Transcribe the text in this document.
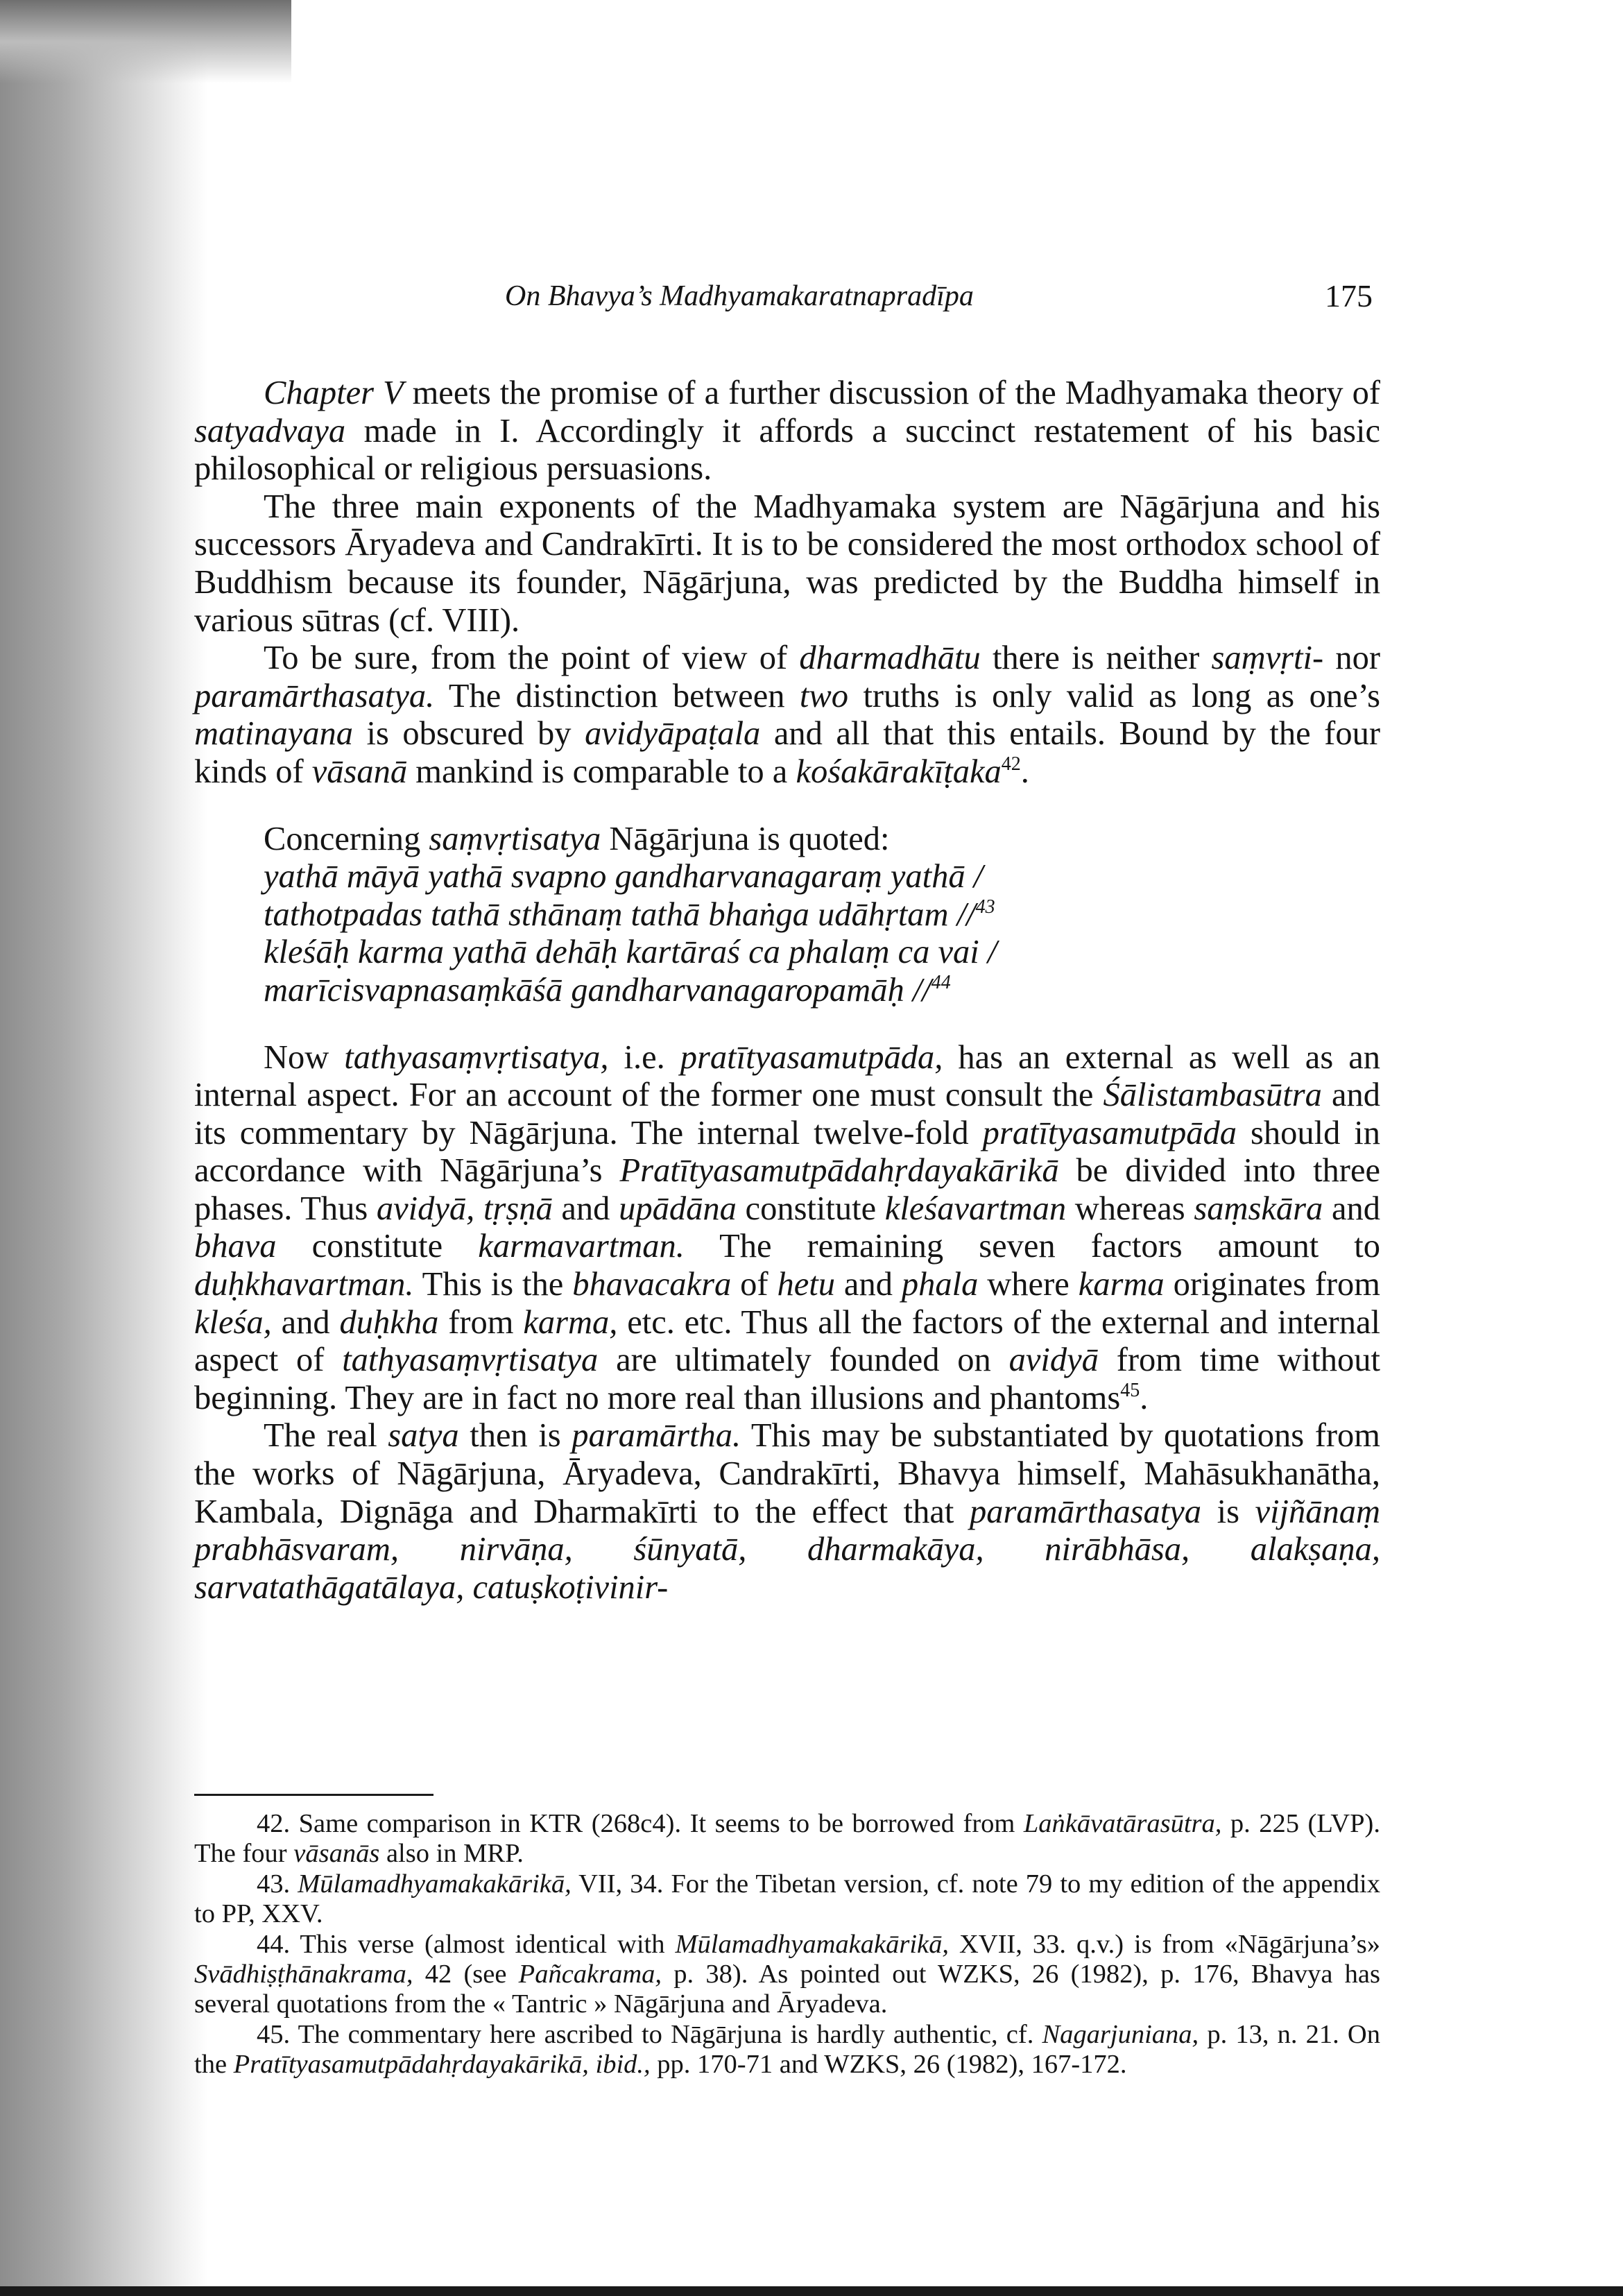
On Bhavya’s Madhyamakaratnapradīpa	175

Chapter V meets the promise of a further discussion of the Madhyamaka theory of satyadvaya made in I. Accordingly it affords a succinct restatement of his basic philosophical or religious persuasions.

The three main exponents of the Madhyamaka system are Nāgārjuna and his successors Āryadeva and Candrakīrti. It is to be considered the most orthodox school of Buddhism because its founder, Nāgārjuna, was predicted by the Buddha himself in various sūtras (cf. VIII).

To be sure, from the point of view of dharmadhātu there is neither saṃvṛti- nor paramārthasatya. The distinction between two truths is only valid as long as one’s matinayana is obscured by avidyāpaṭala and all that this entails. Bound by the four kinds of vāsanā mankind is comparable to a kośakārakīṭaka$^{42}$.

Concerning saṃvṛtisatya Nāgārjuna is quoted:

yathā māyā yathā svapno gandharvanagaraṃ yathā /
tathotpadas tathā sthānaṃ tathā bhaṅga udāhṛtam //$^{43}$
kleśāḥ karma yathā dehāḥ kartāraś ca phalaṃ ca vai /
marīcisvapnasaṃkāśā gandharvanagaropamāḥ //$^{44}$

Now tathyasaṃvṛtisatya, i.e. pratītyasamutpāda, has an external as well as an internal aspect. For an account of the former one must consult the Śālistambasūtra and its commentary by Nāgārjuna. The internal twelve-fold pratītyasamutpāda should in accordance with Nāgārjuna’s Pratītyasamutpādahṛdayakārikā be divided into three phases. Thus avidyā, tṛṣṇā and upādāna constitute kleśavartman whereas saṃskāra and bhava constitute karmavartman. The remaining seven factors amount to duḥkhavartman. This is the bhavacakra of hetu and phala where karma originates from kleśa, and duḥkha from karma, etc. etc. Thus all the factors of the external and internal aspect of tathyasaṃvṛtisatya are ultimately founded on avidyā from time without beginning. They are in fact no more real than illusions and phantoms$^{45}$.

The real satya then is paramārtha. This may be substantiated by quotations from the works of Nāgārjuna, Āryadeva, Candrakīrti, Bhavya himself, Mahāsukhanātha, Kambala, Dignāga and Dharmakīrti to the effect that paramārthasatya is vijñānaṃ prabhāsvaram, nirvāṇa, śūnyatā, dharmakāya, nirābhāsa, alakṣaṇa, sarvatathāgatālaya, catuṣkoṭivinir-

42. Same comparison in KTR (268c4). It seems to be borrowed from Laṅkāvatārasūtra, p. 225 (LVP). The four vāsanās also in MRP.

43. Mūlamadhyamakakārikā, VII, 34. For the Tibetan version, cf. note 79 to my edition of the appendix to PP, XXV.

44. This verse (almost identical with Mūlamadhyamakakārikā, XVII, 33. q.v.) is from «Nāgārjuna’s» Svādhiṣṭhānakrama, 42 (see Pañcakrama, p. 38). As pointed out WZKS, 26 (1982), p. 176, Bhavya has several quotations from the « Tantric » Nāgārjuna and Āryadeva.

45. The commentary here ascribed to Nāgārjuna is hardly authentic, cf. Nagarjuniana, p. 13, n. 21. On the Pratītyasamutpādahṛdayakārikā, ibid., pp. 170-71 and WZKS, 26 (1982), 167-172.
